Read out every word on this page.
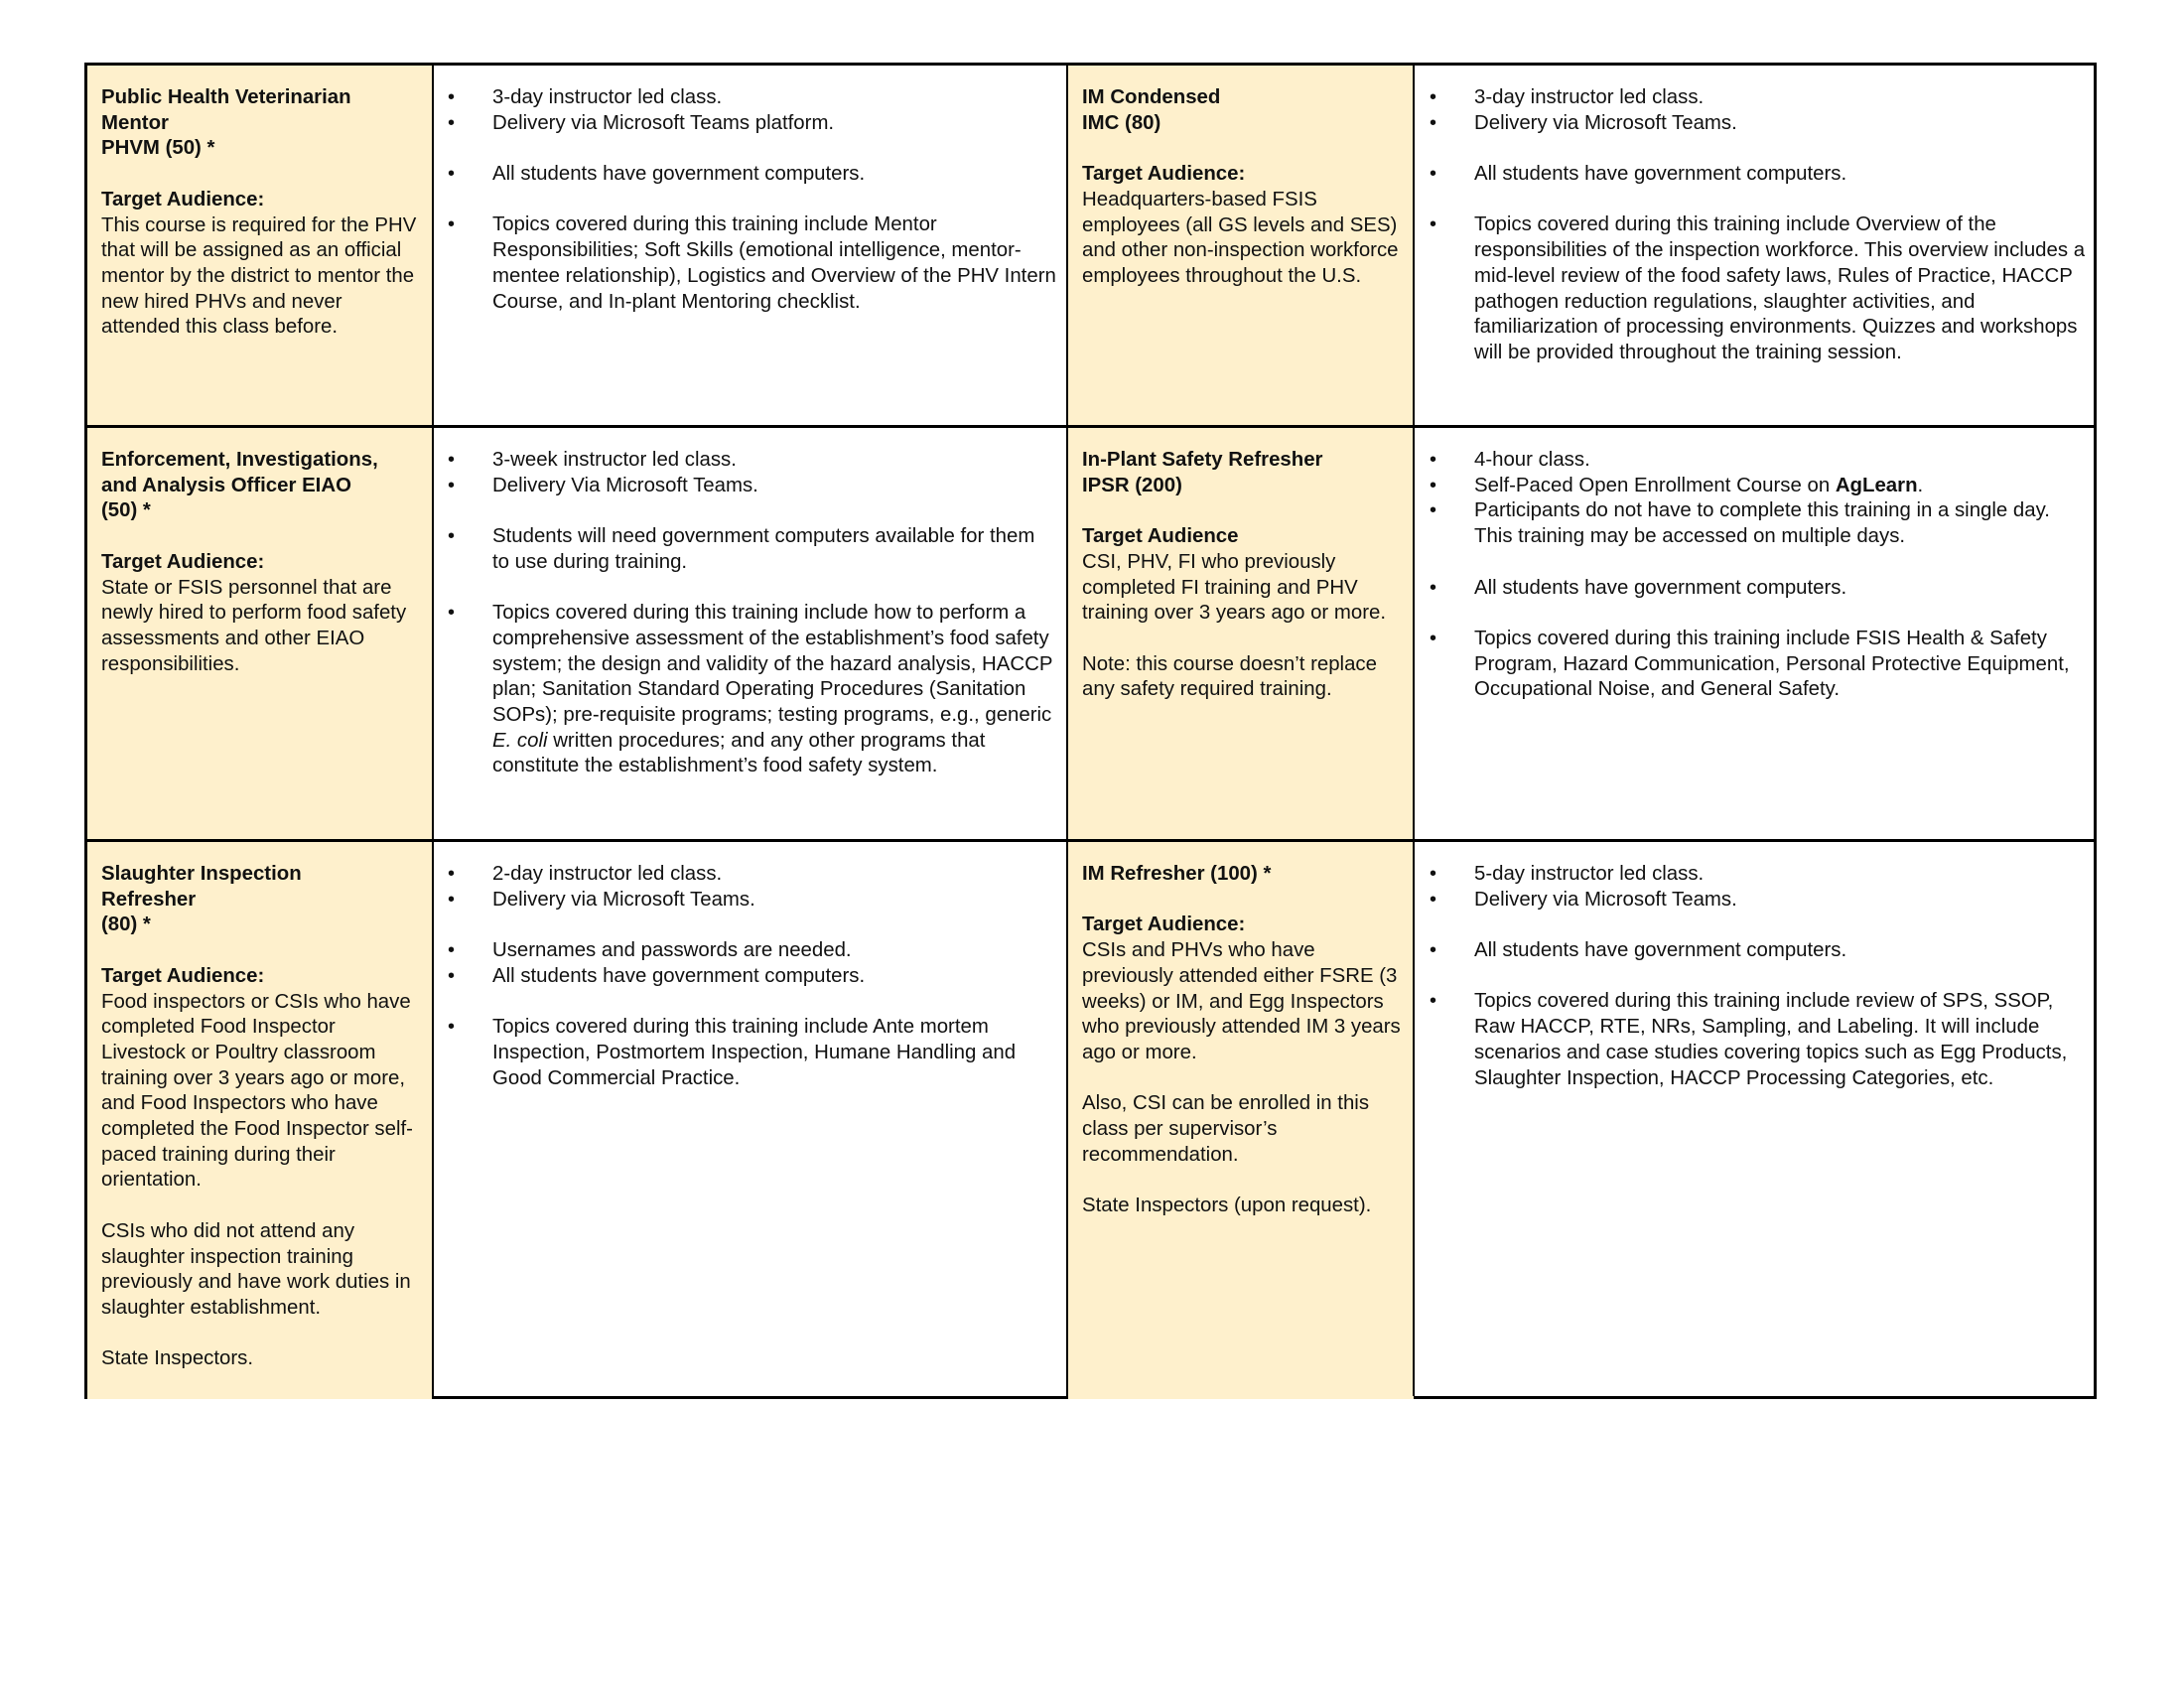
Public Health Veterinarian
Mentor
PHVM (50) *
Target Audience:
This course is required for the PHV that will be assigned as an official mentor by the district to mentor the new hired PHVs and never attended this class before.
• 3-day instructor led class.
• Delivery via Microsoft Teams platform.
• All students have government computers.
• Topics covered during this training include Mentor Responsibilities; Soft Skills (emotional intelligence, mentor-mentee relationship), Logistics and Overview of the PHV Intern Course, and In-plant Mentoring checklist.
IM Condensed
IMC (80)
Target Audience:
Headquarters-based FSIS employees (all GS levels and SES) and other non-inspection workforce employees throughout the U.S.
• 3-day instructor led class.
• Delivery via Microsoft Teams.
• All students have government computers.
• Topics covered during this training include Overview of the responsibilities of the inspection workforce. This overview includes a mid-level review of the food safety laws, Rules of Practice, HACCP pathogen reduction regulations, slaughter activities, and familiarization of processing environments. Quizzes and workshops will be provided throughout the training session.
Enforcement, Investigations,
and Analysis Officer EIAO
(50) *
Target Audience:
State or FSIS personnel that are newly hired to perform food safety assessments and other EIAO responsibilities.
• 3-week instructor led class.
• Delivery Via Microsoft Teams.
• Students will need government computers available for them to use during training.
• Topics covered during this training include how to perform a comprehensive assessment of the establishment’s food safety system; the design and validity of the hazard analysis, HACCP plan; Sanitation Standard Operating Procedures (Sanitation SOPs); pre-requisite programs; testing programs, e.g., generic E. coli written procedures; and any other programs that constitute the establishment’s food safety system.
In-Plant Safety Refresher
IPSR (200)
Target Audience
CSI, PHV, FI who previously completed FI training and PHV training over 3 years ago or more.
Note: this course doesn’t replace any safety required training.
• 4-hour class.
• Self-Paced Open Enrollment Course on AgLearn.
• Participants do not have to complete this training in a single day. This training may be accessed on multiple days.
• All students have government computers.
• Topics covered during this training include FSIS Health & Safety Program, Hazard Communication, Personal Protective Equipment, Occupational Noise, and General Safety.
Slaughter Inspection
Refresher
(80) *
Target Audience:
Food inspectors or CSIs who have completed Food Inspector Livestock or Poultry classroom training over 3 years ago or more, and Food Inspectors who have completed the Food Inspector self-paced training during their orientation.
CSIs who did not attend any slaughter inspection training previously and have work duties in slaughter establishment.
State Inspectors.
• 2-day instructor led class.
• Delivery via Microsoft Teams.
• Usernames and passwords are needed.
• All students have government computers.
• Topics covered during this training include Ante mortem Inspection, Postmortem Inspection, Humane Handling and Good Commercial Practice.
IM Refresher (100) *
Target Audience:
CSIs and PHVs who have previously attended either FSRE (3 weeks) or IM, and Egg Inspectors who previously attended IM 3 years ago or more.
Also, CSI can be enrolled in this class per supervisor’s recommendation.
State Inspectors (upon request).
• 5-day instructor led class.
• Delivery via Microsoft Teams.
• All students have government computers.
• Topics covered during this training include review of SPS, SSOP, Raw HACCP, RTE, NRs, Sampling, and Labeling. It will include scenarios and case studies covering topics such as Egg Products, Slaughter Inspection, HACCP Processing Categories, etc.
